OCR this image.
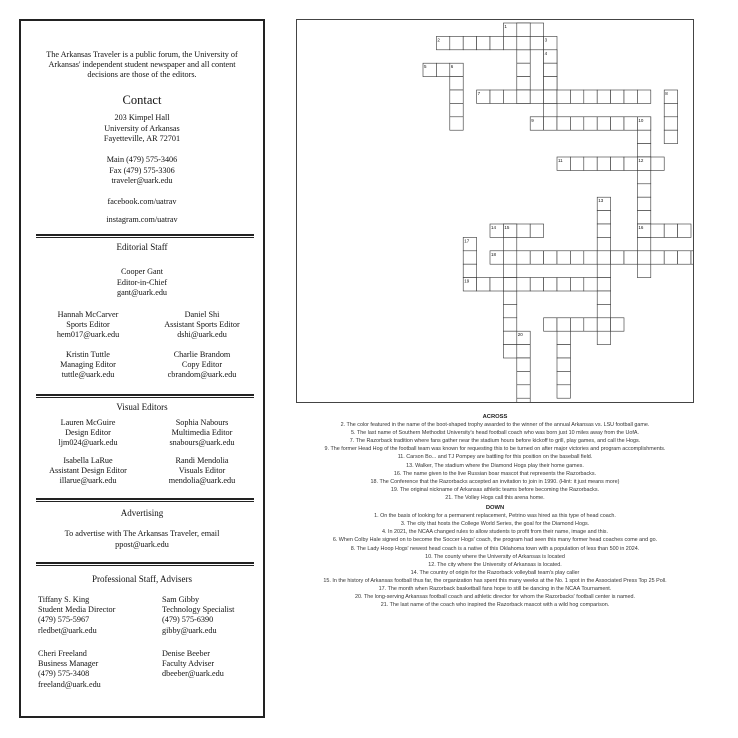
The Arkansas Traveler is a public forum, the University of Arkansas' independent student newspaper and all content decisions are those of the editors.
Contact
203 Kimpel Hall
University of Arkansas
Fayetteville, AR 72701
Main (479) 575-3406
Fax (479) 575-3306
traveler@uark.edu
facebook.com/uatrav
instagram.com/uatrav
Editorial Staff
Cooper Gant
Editor-in-Chief
gant@uark.edu
Hannah McCarver
Sports Editor
hem017@uark.edu
Daniel Shi
Assistant Sports Editor
dshi@uark.edu
Kristin Tuttle
Managing Editor
tuttle@uark.edu
Charlie Brandom
Copy Editor
cbrandom@uark.edu
Visual Editors
Lauren McGuire
Design Editor
ljm024@uark.edu
Sophia Nabours
Multimedia Editor
snabours@uark.edu
Isabella LaRue
Assistant Design Editor
illarue@uark.edu
Randi Mendolia
Visuals Editor
mendolia@uark.edu
Advertising
To advertise with The Arkansas Traveler, email ppost@uark.edu
Professional Staff, Advisers
Tiffany S. King
Student Media Director
(479) 575-5967
rledbet@uark.edu
Sam Gibby
Technology Specialist
(479) 575-6390
gibby@uark.edu
Cheri Freeland
Business Manager
(479) 575-3408
freeland@uark.edu
Denise Beeber
Faculty Adviser
dbeeber@uark.edu
1
2	3
4
5	6
7	8
9	10
11	12
13
14 15	16
17
18
19
20
ACROSS
2. The color featured in the name of the boot-shaped trophy awarded to the winner of the annual Arkansas vs. LSU football game.
5. The last name of Southern Methodist University's head football coach who was born just 10 miles away from the UofA.
7. The Razorback tradition where fans gather near the stadium hours before kickoff to grill, play games, and call the Hogs.
9. The former Head Hog of the football team was known for requesting this to be turned on after major victories and program accomplishments.
11. Carson Bo... and TJ Pompey are battling for this position on the baseball field.
13. Walker, The stadium where the Diamond Hogs play their home games.
16. The name given to the live Russian boar mascot that represents the Razorbacks.
18. The Conference that the Razorbacks accepted an invitation to join in 1990. (Hint: it just means more)
19. The original nickname of Arkansas athletic teams before becoming the Razorbacks.
21. The Volley Hogs call this arena home.
DOWN
1. On the basis of looking for a permanent replacement, Petrino was hired as this type of head coach.
3. The city that hosts the College World Series, the goal for the Diamond Hogs.
4. In 2021, the NCAA changed rules to allow students to profit from their name, image and this.
6. When Colby Hale signed on to become the Soccer Hogs' coach, the program had seen this many former head coaches come and go.
8. The Lady Hoop Hogs' newest head coach is a native of this Oklahoma town with a population of less than 500 in 2024.
10. The county where the University of Arkansas is located
12. The city where the University of Arkansas is located.
14. The country of origin for the Razorback volleyball team's play caller
15. In the history of Arkansas football thus far, the organization has spent this many weeks at the No. 1 spot in the Associated Press Top 25 Poll.
17. The month when Razorback basketball fans hope to still be dancing in the NCAA Tournament.
20. The long-serving Arkansas football coach and athletic director for whom the Razorbacks' football center is named.
21. The last name of the coach who inspired the Razorback mascot with a wild hog comparison.
